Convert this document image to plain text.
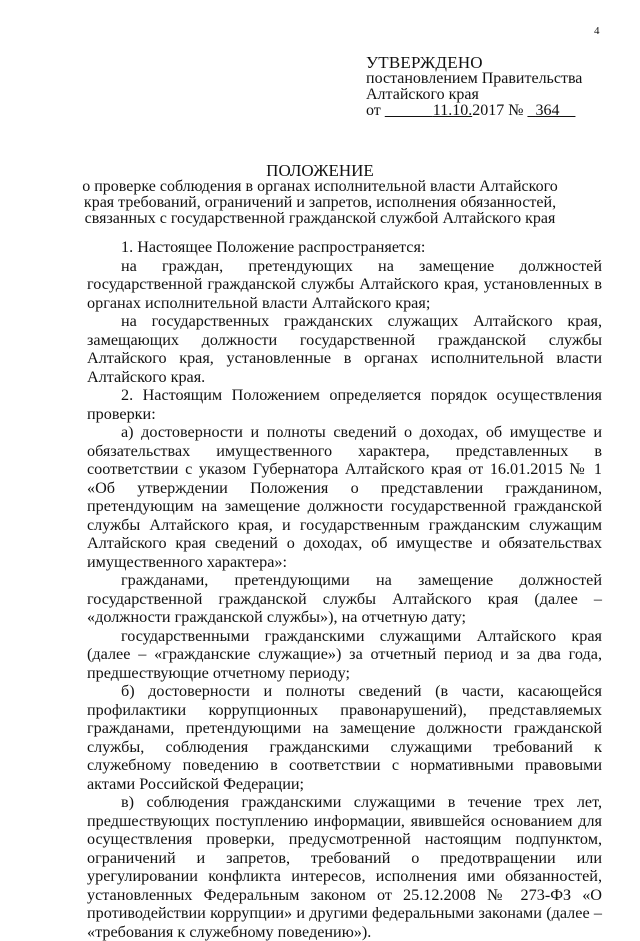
4
УТВЕРЖДЕНО
постановлением Правительства
Алтайского края
от	11.10.2017 № 364
ПОЛОЖЕНИЕ
о проверке соблюдения в органах исполнительной власти Алтайского края требований, ограничений и запретов, исполнения обязанностей, связанных с государственной гражданской службой Алтайского края

1. Настоящее Положение распространяется:

на граждан, претендующих на замещение должностей государственной гражданской службы Алтайского края, установленных в органах исполнительной власти Алтайского края;

на государственных гражданских служащих Алтайского края, замещающих должности государственной гражданской службы Алтайского края, установленные в органах исполнительной власти Алтайского края.

2. Настоящим Положением определяется порядок осуществления проверки:

а) достоверности и полноты сведений о доходах, об имуществе и обязательствах имущественного характера, представленных в соответствии с указом Губернатора Алтайского края от 16.01.2015 № 1 «Об утверждении Положения о представлении гражданином, претендующим на замещение должности государственной гражданской службы Алтайского края, и государственным гражданским служащим Алтайского края сведений о доходах, об имуществе и обязательствах имущественного характера»:

гражданами, претендующими на замещение должностей государственной гражданской службы Алтайского края (далее – «должности гражданской службы»), на отчетную дату;

государственными гражданскими служащими Алтайского края (далее – «гражданские служащие») за отчетный период и за два года, предшествующие отчетному периоду;

б) достоверности и полноты сведений (в части, касающейся профилактики коррупционных правонарушений), представляемых гражданами, претендующими на замещение должности гражданской службы, соблюдения гражданскими служащими требований к служебному поведению в соответствии с нормативными правовыми актами Российской Федерации;

в) соблюдения гражданскими служащими в течение трех лет, предшествующих поступлению информации, явившейся основанием для осуществления проверки, предусмотренной настоящим подпунктом, ограничений и запретов, требований о предотвращении или урегулировании конфликта интересов, исполнения ими обязанностей, установленных Федеральным законом от 25.12.2008 № 273-ФЗ «О противодействии коррупции» и другими федеральными законами (далее – «требования к служебному поведению»).
